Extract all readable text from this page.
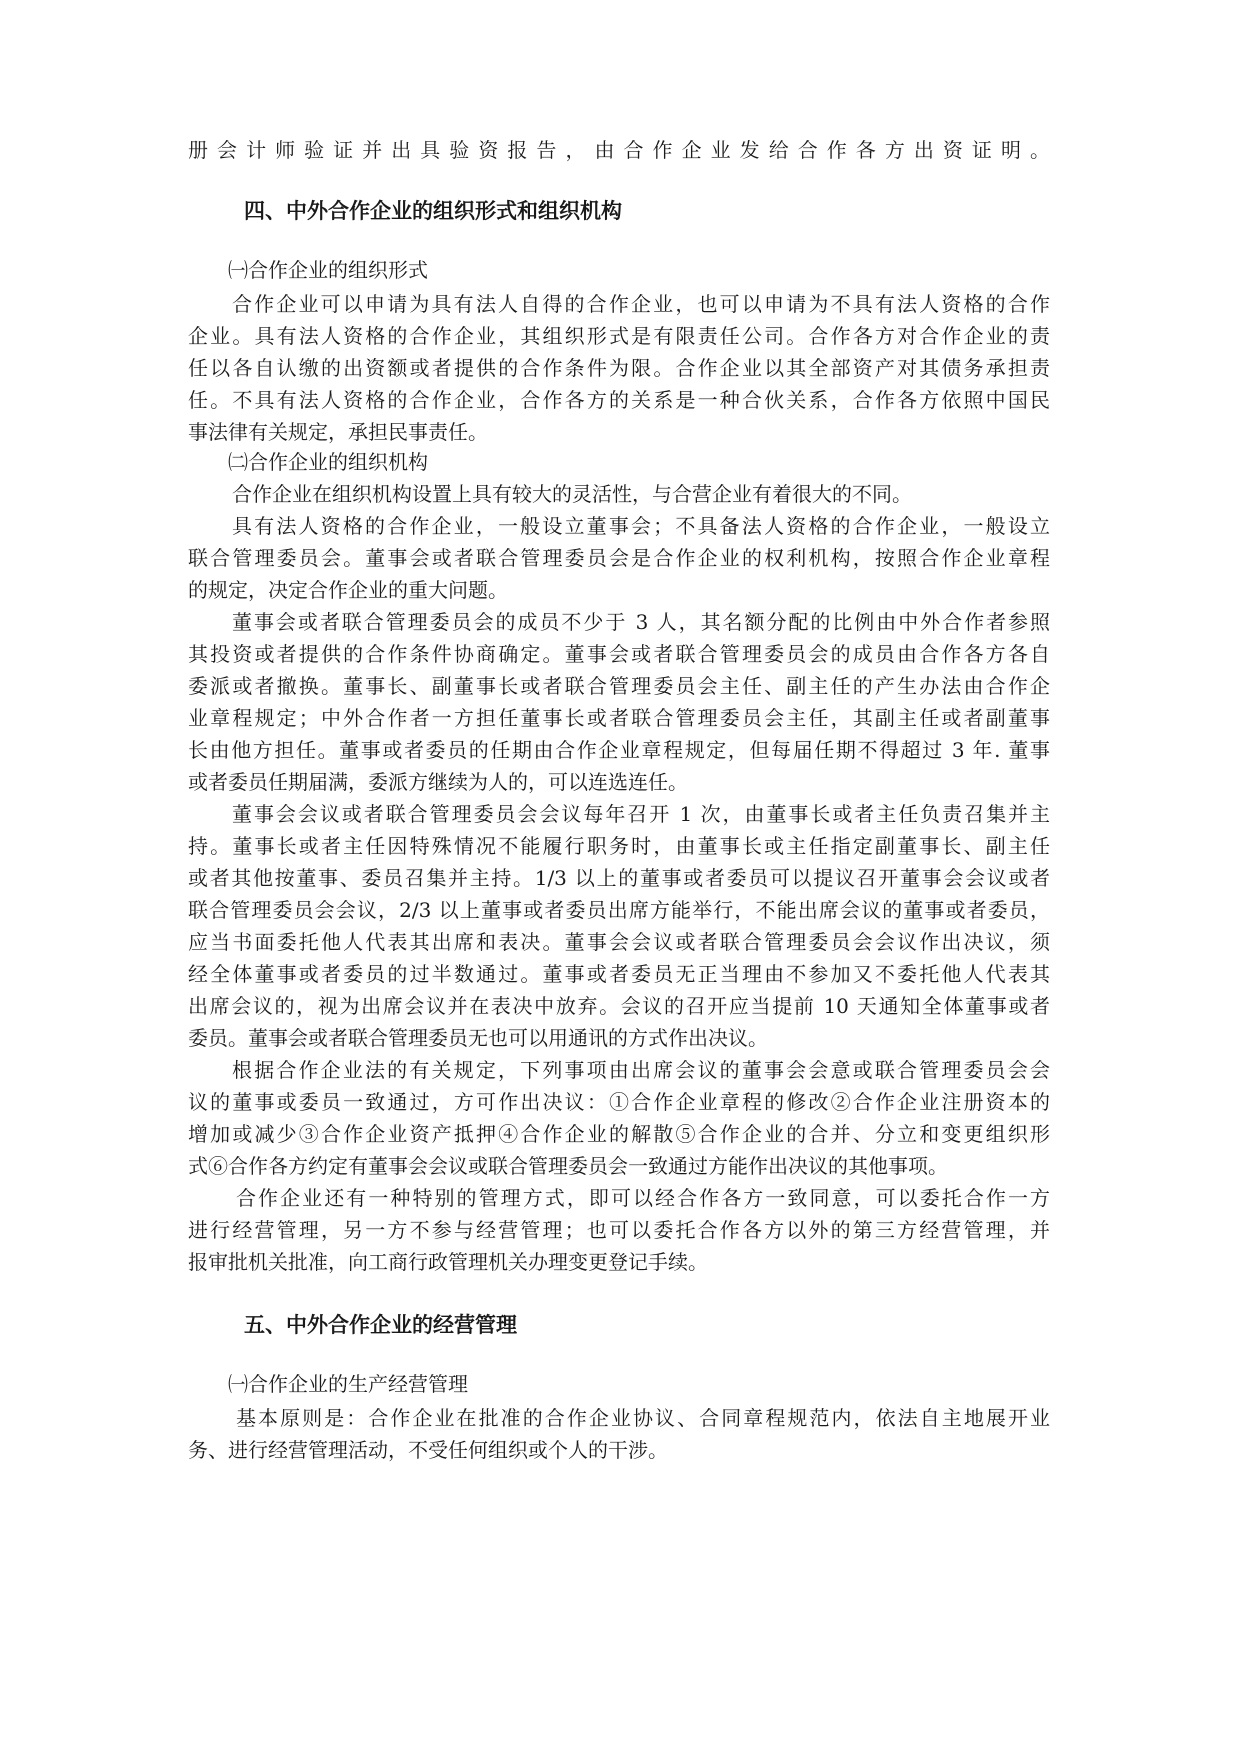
册会计师验证并出具验资报告，由合作企业发给合作各方出资证明。
四、中外合作企业的组织形式和组织机构
㈠合作企业的组织形式
合作企业可以申请为具有法人自得的合作企业，也可以申请为不具有法人资格的合作
企业。具有法人资格的合作企业，其组织形式是有限责任公司。合作各方对合作企业的责
任以各自认缴的出资额或者提供的合作条件为限。合作企业以其全部资产对其债务承担责
任。不具有法人资格的合作企业，合作各方的关系是一种合伙关系，合作各方依照中国民
事法律有关规定，承担民事责任。
㈡合作企业的组织机构
合作企业在组织机构设置上具有较大的灵活性，与合营企业有着很大的不同。
具有法人资格的合作企业，一般设立董事会；不具备法人资格的合作企业，一般设立
联合管理委员会。董事会或者联合管理委员会是合作企业的权利机构，按照合作企业章程
的规定，决定合作企业的重大问题。
董事会或者联合管理委员会的成员不少于 3 人，其名额分配的比例由中外合作者参照
其投资或者提供的合作条件协商确定。董事会或者联合管理委员会的成员由合作各方各自
委派或者撤换。董事长、副董事长或者联合管理委员会主任、副主任的产生办法由合作企
业章程规定；中外合作者一方担任董事长或者联合管理委员会主任，其副主任或者副董事
长由他方担任。董事或者委员的任期由合作企业章程规定，但每届任期不得超过 3 年. 董事
或者委员任期届满，委派方继续为人的，可以连选连任。
董事会会议或者联合管理委员会会议每年召开 1 次，由董事长或者主任负责召集并主
持。董事长或者主任因特殊情况不能履行职务时，由董事长或主任指定副董事长、副主任
或者其他按董事、委员召集并主持。1/3 以上的董事或者委员可以提议召开董事会会议或者
联合管理委员会会议，2/3 以上董事或者委员出席方能举行，不能出席会议的董事或者委员，
应当书面委托他人代表其出席和表决。董事会会议或者联合管理委员会会议作出决议，须
经全体董事或者委员的过半数通过。董事或者委员无正当理由不参加又不委托他人代表其
出席会议的，视为出席会议并在表决中放弃。会议的召开应当提前 10 天通知全体董事或者
委员。董事会或者联合管理委员无也可以用通讯的方式作出决议。
根据合作企业法的有关规定，下列事项由出席会议的董事会会意或联合管理委员会会
议的董事或委员一致通过，方可作出决议：①合作企业章程的修改②合作企业注册资本的
增加或减少③合作企业资产抵押④合作企业的解散⑤合作企业的合并、分立和变更组织形
式⑥合作各方约定有董事会会议或联合管理委员会一致通过方能作出决议的其他事项。
合作企业还有一种特别的管理方式，即可以经合作各方一致同意，可以委托合作一方
进行经营管理，另一方不参与经营管理；也可以委托合作各方以外的第三方经营管理，并
报审批机关批准，向工商行政管理机关办理变更登记手续。
五、中外合作企业的经营管理
㈠合作企业的生产经营管理
基本原则是：合作企业在批准的合作企业协议、合同章程规范内，依法自主地展开业
务、进行经营管理活动，不受任何组织或个人的干涉。
